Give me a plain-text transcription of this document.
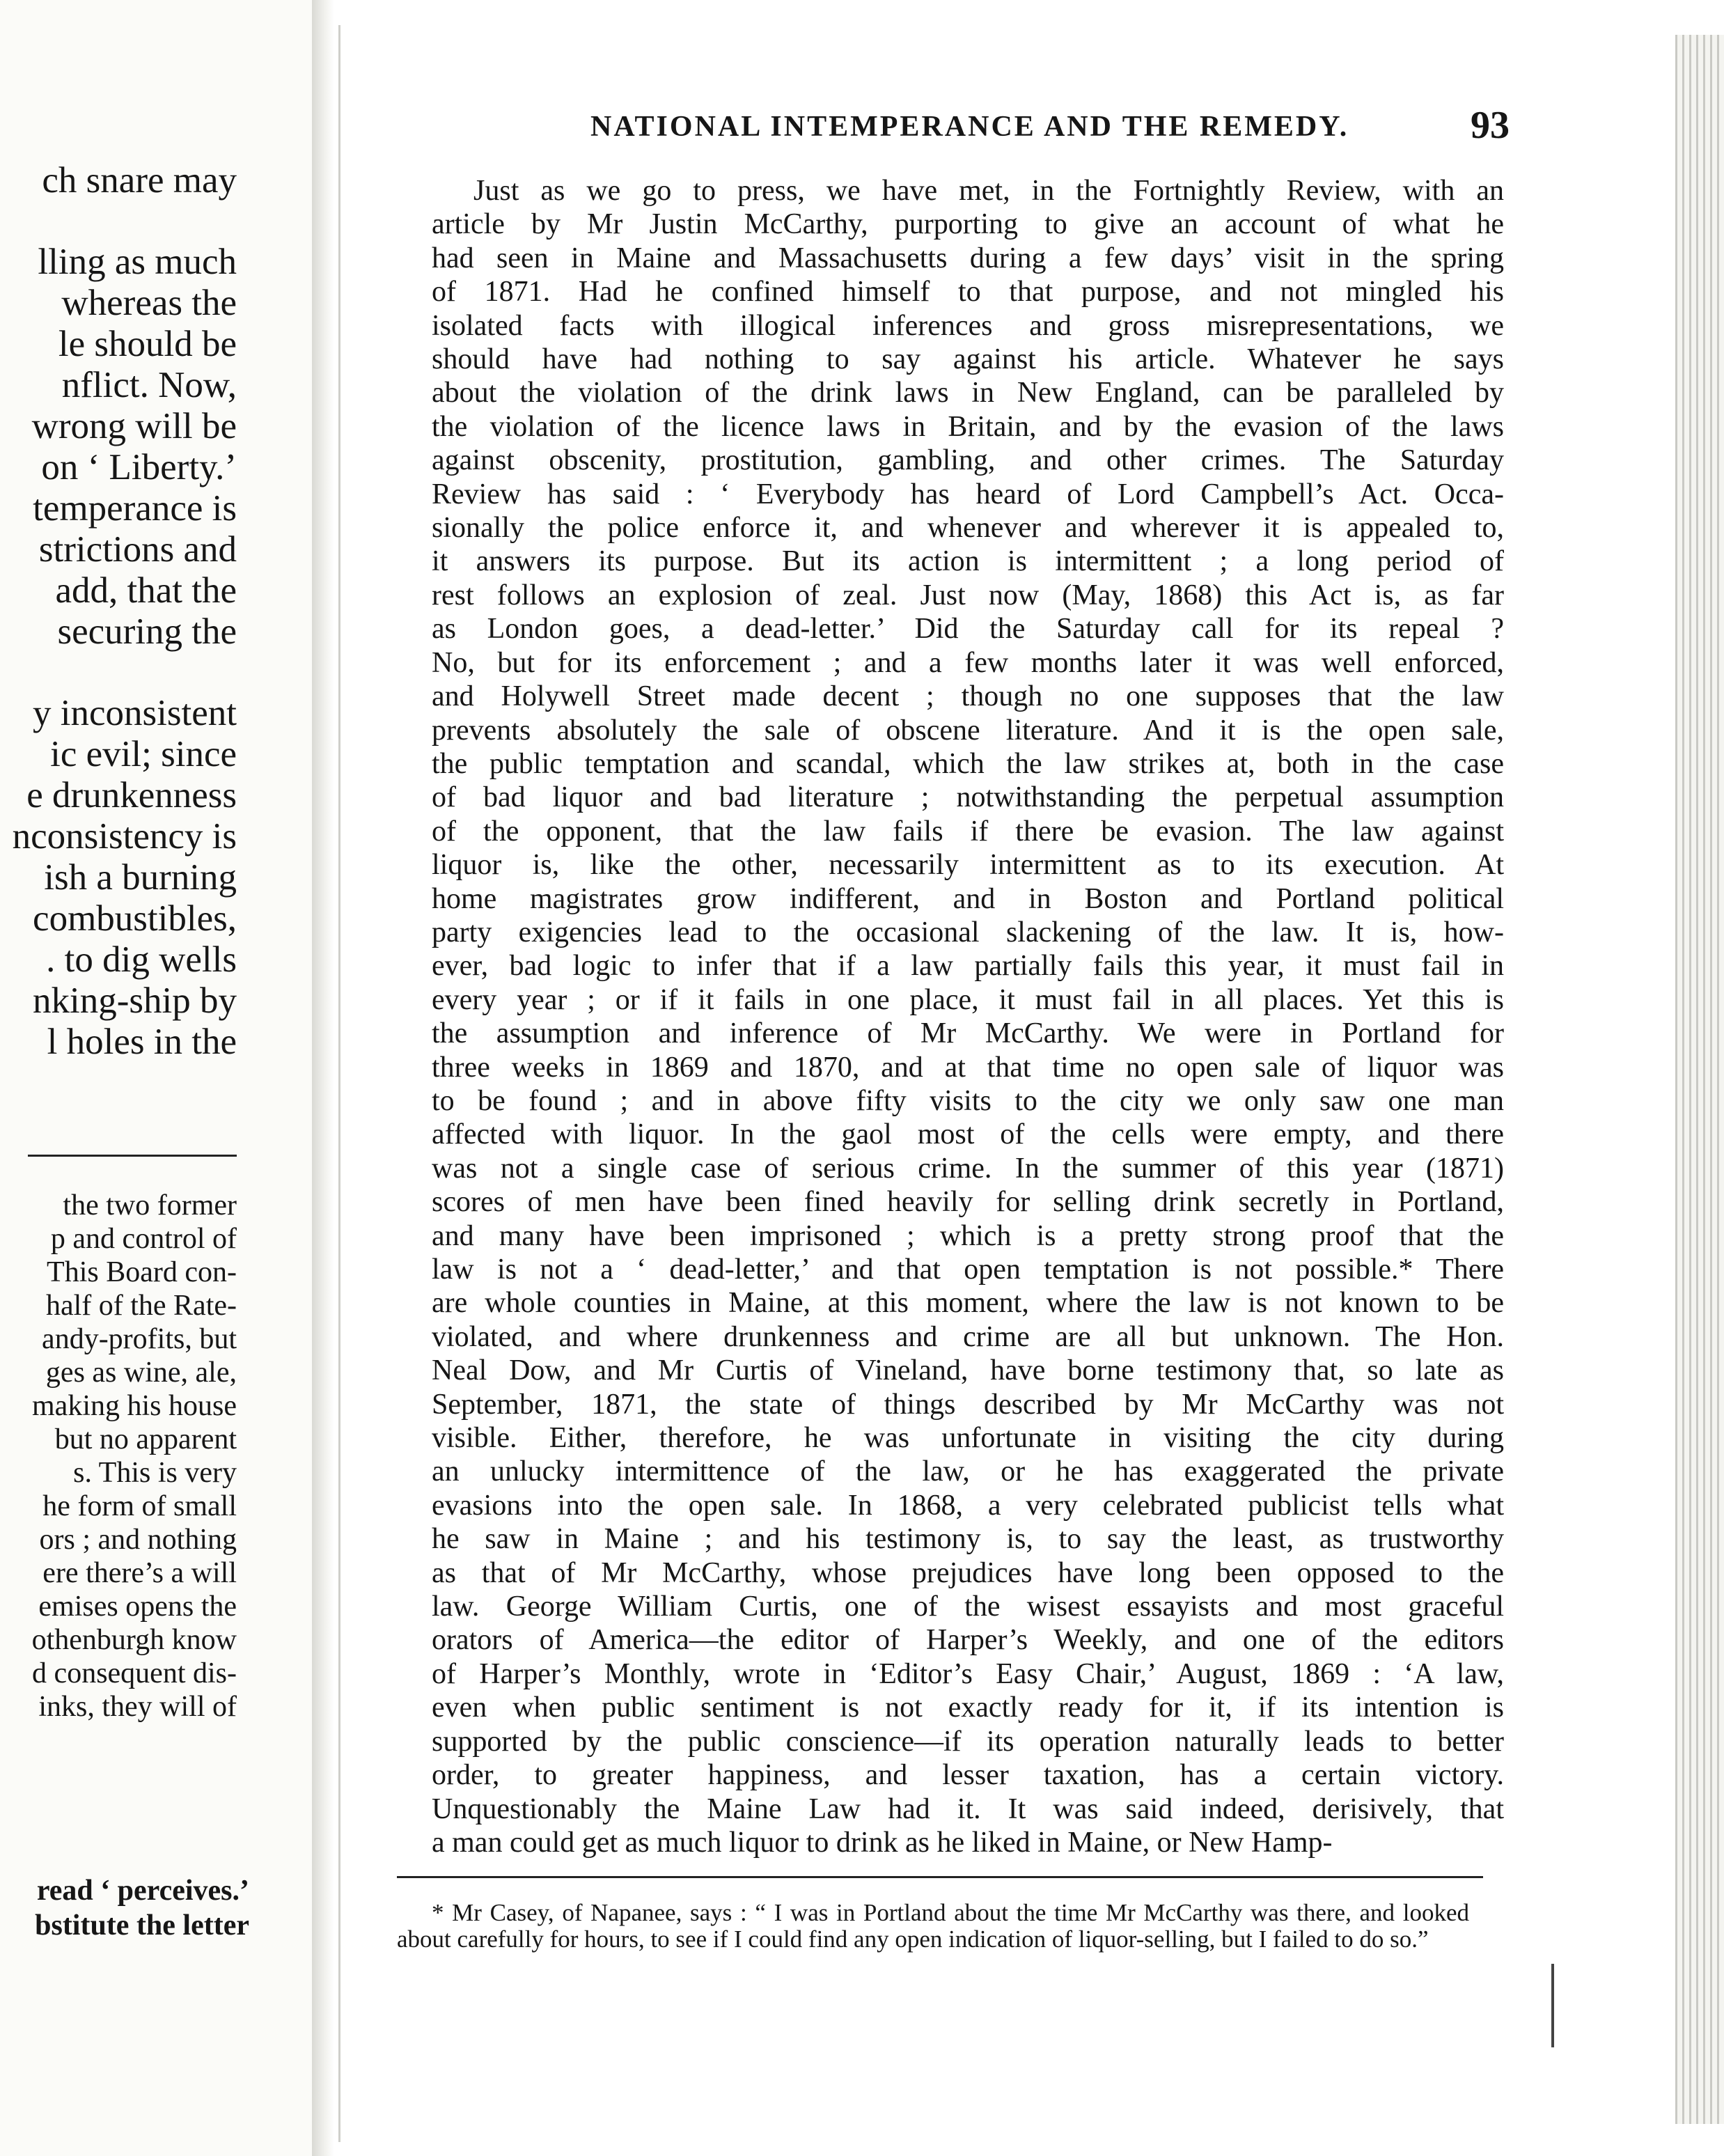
ch snare may

lling as much
whereas the
le should be
nflict. Now,
wrong will be
on ‘ Liberty.’
temperance is
strictions and
add, that the
securing the

y inconsistent
ic evil; since
e drunkenness
nconsistency is
ish a burning
combustibles,
. to dig wells
nking-ship by
l holes in the
the two former
p and control of
This Board con-
half of the Rate-
andy-profits, but
ges as wine, ale,
making his house
but no apparent
s. This is very
he form of small
ors ; and nothing
ere there’s a will
emises opens the
othenburgh know
d consequent dis-
inks, they will of
read ‘ perceives.’
bstitute the letter
NATIONAL INTEMPERANCE AND THE REMEDY.	93
Just as we go to press, we have met, in the Fortnightly Review, with an
article by Mr Justin McCarthy, purporting to give an account of what he
had seen in Maine and Massachusetts during a few days’ visit in the spring
of 1871. Had he confined himself to that purpose, and not mingled his
isolated facts with illogical inferences and gross misrepresentations, we
should have had nothing to say against his article. Whatever he says
about the violation of the drink laws in New England, can be paralleled by
the violation of the licence laws in Britain, and by the evasion of the laws
against obscenity, prostitution, gambling, and other crimes. The Saturday
Review has said : ‘ Everybody has heard of Lord Campbell’s Act. Occa-
sionally the police enforce it, and whenever and wherever it is appealed to,
it answers its purpose. But its action is intermittent ; a long period of
rest follows an explosion of zeal. Just now (May, 1868) this Act is, as far
as London goes, a dead-letter.’ Did the Saturday call for its repeal ?
No, but for its enforcement ; and a few months later it was well enforced,
and Holywell Street made decent ; though no one supposes that the law
prevents absolutely the sale of obscene literature. And it is the open sale,
the public temptation and scandal, which the law strikes at, both in the case
of bad liquor and bad literature ; notwithstanding the perpetual assumption
of the opponent, that the law fails if there be evasion. The law against
liquor is, like the other, necessarily intermittent as to its execution. At
home magistrates grow indifferent, and in Boston and Portland political
party exigencies lead to the occasional slackening of the law. It is, how-
ever, bad logic to infer that if a law partially fails this year, it must fail in
every year ; or if it fails in one place, it must fail in all places. Yet this is
the assumption and inference of Mr McCarthy. We were in Portland for
three weeks in 1869 and 1870, and at that time no open sale of liquor was
to be found ; and in above fifty visits to the city we only saw one man
affected with liquor. In the gaol most of the cells were empty, and there
was not a single case of serious crime. In the summer of this year (1871)
scores of men have been fined heavily for selling drink secretly in Portland,
and many have been imprisoned ; which is a pretty strong proof that the
law is not a ‘ dead-letter,’ and that open temptation is not possible.* There
are whole counties in Maine, at this moment, where the law is not known to be
violated, and where drunkenness and crime are all but unknown. The Hon.
Neal Dow, and Mr Curtis of Vineland, have borne testimony that, so late as
September, 1871, the state of things described by Mr McCarthy was not
visible. Either, therefore, he was unfortunate in visiting the city during
an unlucky intermittence of the law, or he has exaggerated the private
evasions into the open sale. In 1868, a very celebrated publicist tells what
he saw in Maine ; and his testimony is, to say the least, as trustworthy
as that of Mr McCarthy, whose prejudices have long been opposed to the
law. George William Curtis, one of the wisest essayists and most graceful
orators of America—the editor of Harper’s Weekly, and one of the editors
of Harper’s Monthly, wrote in ‘Editor’s Easy Chair,’ August, 1869 : ‘A law,
even when public sentiment is not exactly ready for it, if its intention is
supported by the public conscience—if its operation naturally leads to better
order, to greater happiness, and lesser taxation, has a certain victory.
Unquestionably the Maine Law had it. It was said indeed, derisively, that
a man could get as much liquor to drink as he liked in Maine, or New Hamp-
* Mr Casey, of Napanee, says : “ I was in Portland about the time Mr McCarthy was there, and looked about carefully for hours, to see if I could find any open indication of liquor-selling, but I failed to do so.”
